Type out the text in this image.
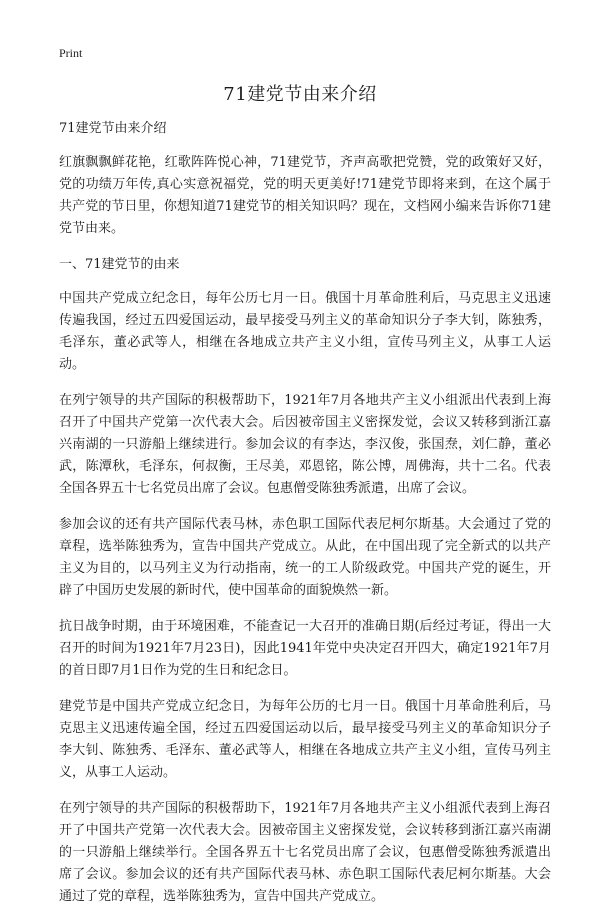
Print
71建党节由来介绍

71建党节由来介绍

红旗飘飘鲜花艳，红歌阵阵悦心神，71建党节，齐声高歌把党赞，党的政策好又好，党的功绩万年传,真心实意祝福党，党的明天更美好!71建党节即将来到，在这个属于共产党的节日里，你想知道71建党节的相关知识吗？现在，文档网小编来告诉你71建党节由来。

一、71建党节的由来

中国共产党成立纪念日，每年公历七月一日。俄国十月革命胜利后，马克思主义迅速传遍我国，经过五四爱国运动，最早接受马列主义的革命知识分子李大钊，陈独秀，毛泽东，董必武等人，相继在各地成立共产主义小组，宣传马列主义，从事工人运动。

在列宁领导的共产国际的积极帮助下，1921年7月各地共产主义小组派出代表到上海召开了中国共产党第一次代表大会。后因被帝国主义密探发觉，会议又转移到浙江嘉兴南湖的一只游船上继续进行。参加会议的有李达，李汉俊，张国焘，刘仁静，董必武，陈潭秋，毛泽东，何叔衡，王尽美，邓恩铭，陈公博，周佛海，共十二名。代表全国各界五十七名党员出席了会议。包惠僧受陈独秀派遣，出席了会议。

参加会议的还有共产国际代表马林，赤色职工国际代表尼柯尔斯基。大会通过了党的章程，选举陈独秀为，宣告中国共产党成立。从此，在中国出现了完全新式的以共产主义为目的，以马列主义为行动指南，统一的工人阶级政党。中国共产党的诞生，开辟了中国历史发展的新时代，使中国革命的面貌焕然一新。

抗日战争时期，由于环境困难，不能查记一大召开的准确日期(后经过考证，得出一大召开的时间为1921年7月23日)，因此1941年党中央决定召开四大，确定1921年7月的首日即7月1日作为党的生日和纪念日。

建党节是中国共产党成立纪念日，为每年公历的七月一日。俄国十月革命胜利后，马克思主义迅速传遍全国，经过五四爱国运动以后，最早接受马列主义的革命知识分子李大钊、陈独秀、毛泽东、董必武等人，相继在各地成立共产主义小组，宣传马列主义，从事工人运动。

在列宁领导的共产国际的积极帮助下，1921年7月各地共产主义小组派代表到上海召开了中国共产党第一次代表大会。因被帝国主义密探发觉，会议转移到浙江嘉兴南湖的一只游船上继续举行。全国各界五十七名党员出席了会议，包惠僧受陈独秀派遣出席了会议。参加会议的还有共产国际代表马林、赤色职工国际代表尼柯尔斯基。大会通过了党的章程，选举陈独秀为，宣告中国共产党成立。
